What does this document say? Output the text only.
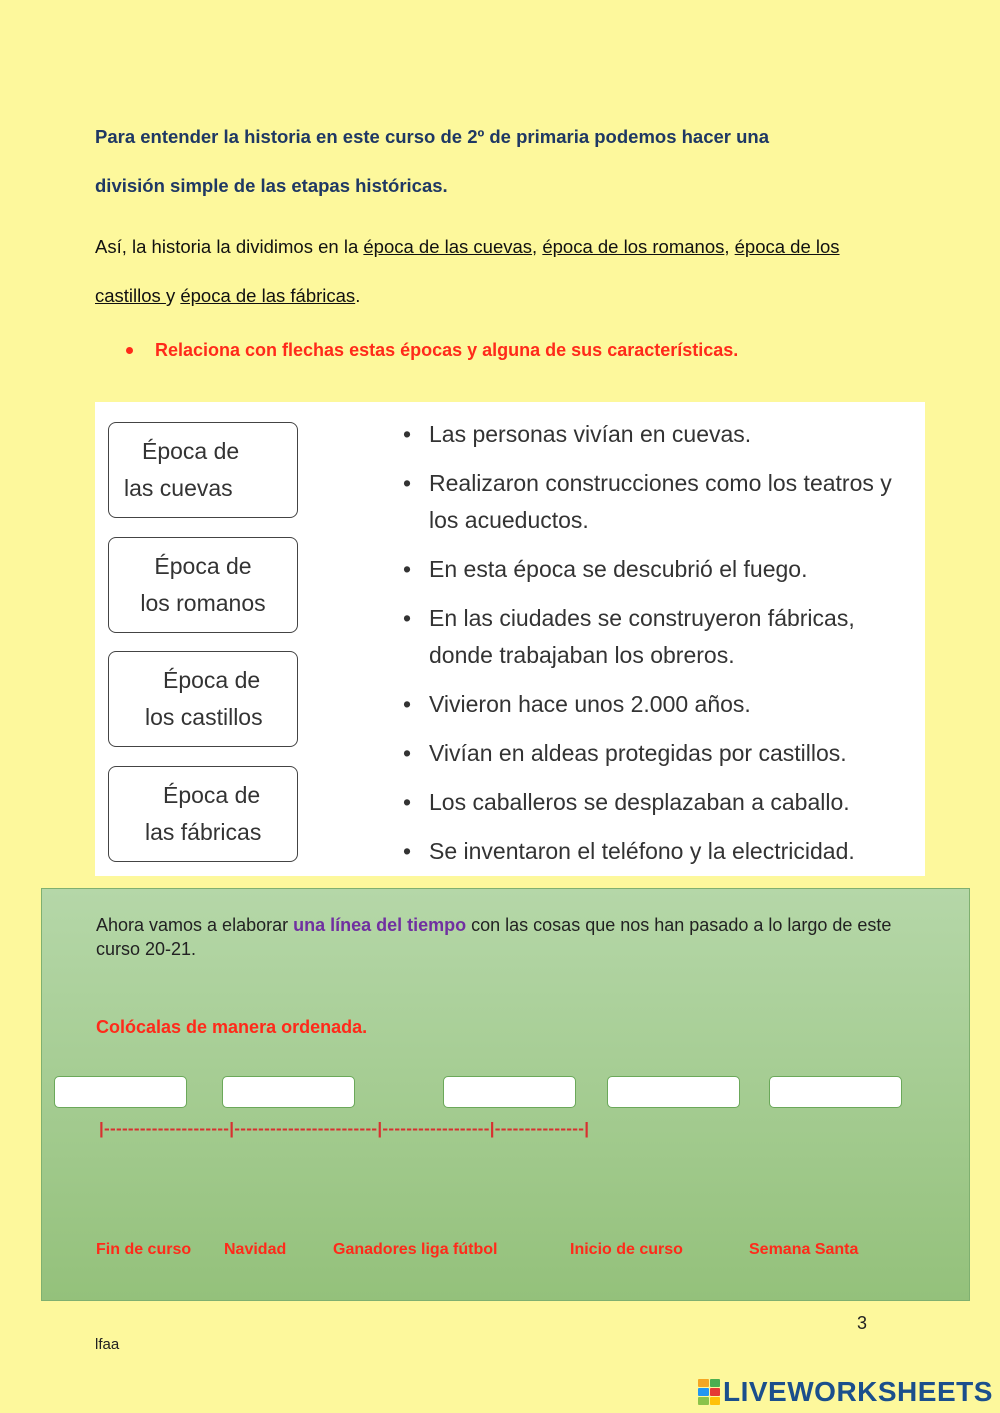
Para entender la historia en este curso de 2º de primaria podemos hacer una
división simple de las etapas históricas.
Así, la historia la dividimos en la época de las cuevas, época de los romanos, época de los castillos y época de las fábricas.
Relaciona con flechas estas épocas y alguna de sus características.
Época de
las cuevas
Época de
los romanos
Época de
los castillos
Época de
las fábricas
• Las personas vivían en cuevas.
• Realizaron construcciones como los teatros y los acueductos.
• En esta época se descubrió el fuego.
• En las ciudades se construyeron fábricas, donde trabajaban los obreros.
• Vivieron hace unos 2.000 años.
• Vivían en aldeas protegidas por castillos.
• Los caballeros se desplazaban a caballo.
• Se inventaron el teléfono y la electricidad.
Ahora vamos a elaborar una línea del tiempo con las cosas que nos han pasado a lo largo de este curso 20-21.
Colócalas de manera ordenada.
|---------------------|------------------------|------------------|---------------|
Fin de curso Navidad	Ganadores liga fútbol	Inicio de curso	Semana Santa
3
lfaa
LIVEWORKSHEETS
